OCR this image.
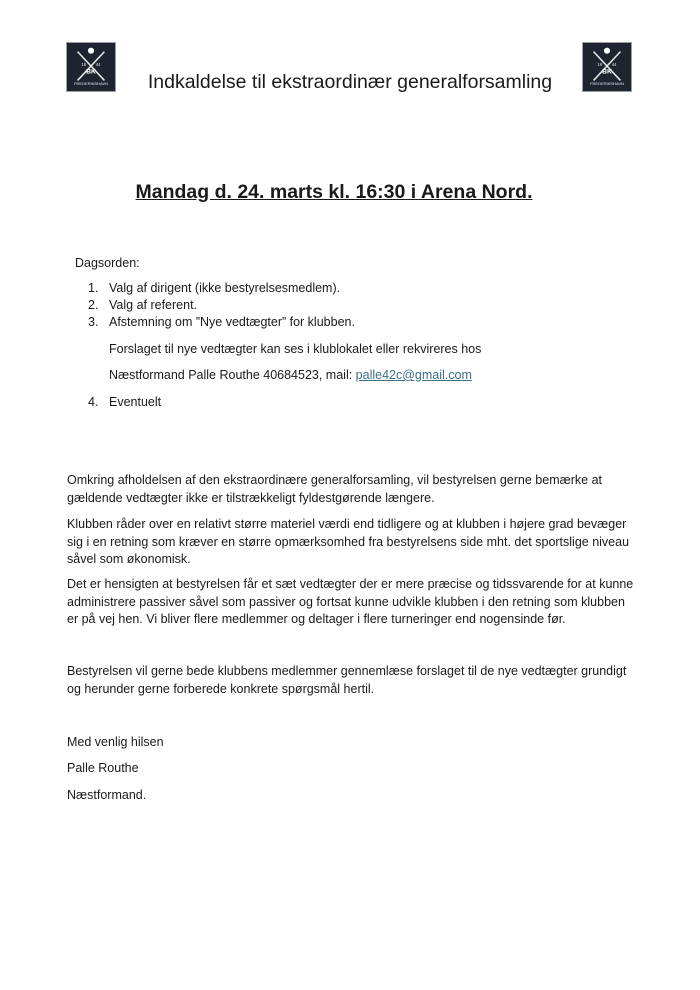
19 44
BK
FREDERIKSHAVN
19 44
BK
FREDERIKSHAVN
Indkaldelse til ekstraordinær generalforsamling
Mandag d. 24. marts kl. 16:30 i Arena Nord.
Dagsorden:
1. Valg af dirigent (ikke bestyrelsesmedlem).
2. Valg af referent.
3. Afstemning om ”Nye vedtægter” for klubben.
Forslaget til nye vedtægter kan ses i klublokalet eller rekvireres hos
Næstformand Palle Routhe 40684523, mail: palle42c@gmail.com
4. Eventuelt
Omkring afholdelsen af den ekstraordinære generalforsamling, vil bestyrelsen gerne bemærke at gældende vedtægter ikke er tilstrækkeligt fyldestgørende længere.
Klubben råder over en relativt større materiel værdi end tidligere og at klubben i højere grad bevæger sig i en retning som kræver en større opmærksomhed fra bestyrelsens side mht. det sportslige niveau såvel som økonomisk.
Det er hensigten at bestyrelsen får et sæt vedtægter der er mere præcise og tidssvarende for at kunne administrere passiver såvel som passiver og fortsat kunne udvikle klubben i den retning som klubben er på vej hen. Vi bliver flere medlemmer og deltager i flere turneringer end nogensinde før.
Bestyrelsen vil gerne bede klubbens medlemmer gennemlæse forslaget til de nye vedtægter grundigt og herunder gerne forberede konkrete spørgsmål hertil.
Med venlig hilsen
Palle Routhe
Næstformand.
